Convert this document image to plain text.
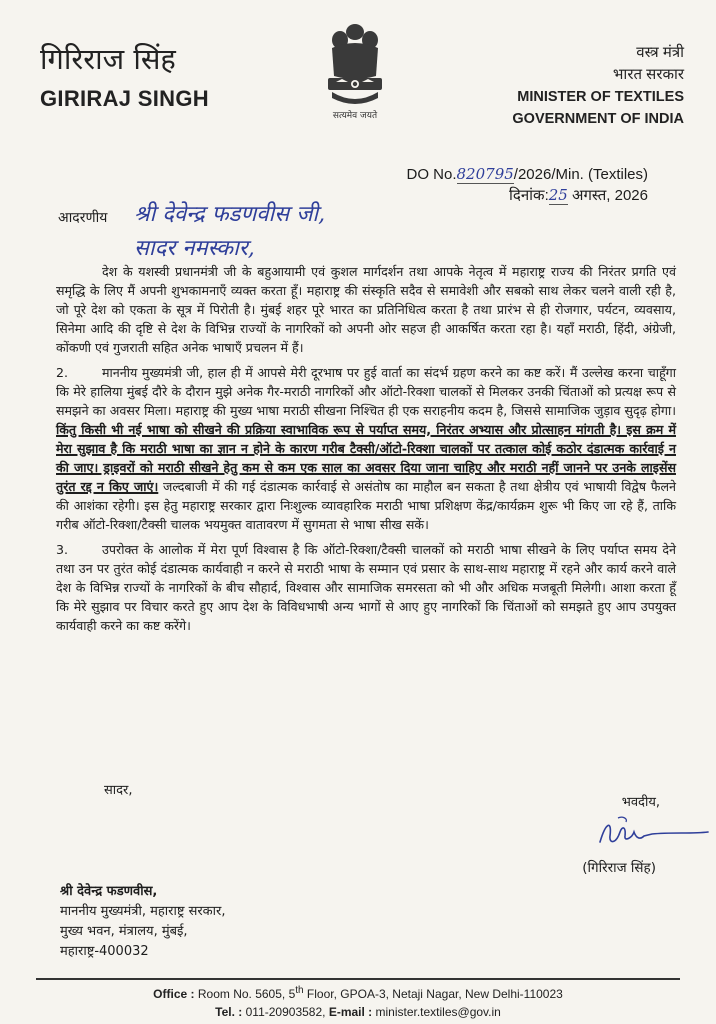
गिरिराज सिंह
GIRIRAJ SINGH
सत्यमेव जयते
वस्त्र मंत्री
भारत सरकार
MINISTER OF TEXTILES
GOVERNMENT OF INDIA
DO No.820795/2026/Min. (Textiles)
दिनांक:25 अगस्त, 2026
आदरणीय श्री देवेन्द्र फडणवीस जी,
सादर नमस्कार,

देश के यशस्वी प्रधानमंत्री जी के बहुआयामी एवं कुशल मार्गदर्शन तथा आपके नेतृत्व में महाराष्ट्र राज्य की निरंतर प्रगति एवं समृद्धि के लिए मैं अपनी शुभकामनाएँ व्यक्त करता हूँ। महाराष्ट्र की संस्कृति सदैव से समावेशी और सबको साथ लेकर चलने वाली रही है, जो पूरे देश को एकता के सूत्र में पिरोती है। मुंबई शहर पूरे भारत का प्रतिनिधित्व करता है तथा प्रारंभ से ही रोजगार, पर्यटन, व्यवसाय, सिनेमा आदि की दृष्टि से देश के विभिन्न राज्यों के नागरिकों को अपनी ओर सहज ही आकर्षित करता रहा है। यहाँ मराठी, हिंदी, अंग्रेजी, कोंकणी एवं गुजराती सहित अनेक भाषाएँ प्रचलन में हैं।

2.	माननीय मुख्यमंत्री जी, हाल ही में आपसे मेरी दूरभाष पर हुई वार्ता का संदर्भ ग्रहण करने का कष्ट करें। मैं उल्लेख करना चाहूँगा कि मेरे हालिया मुंबई दौरे के दौरान मुझे अनेक गैर-मराठी नागरिकों और ऑटो-रिक्शा चालकों से मिलकर उनकी चिंताओं को प्रत्यक्ष रूप से समझने का अवसर मिला। महाराष्ट्र की मुख्य भाषा मराठी सीखना निश्चित ही एक सराहनीय कदम है, जिससे सामाजिक जुड़ाव सुदृढ़ होगा। किंतु किसी भी नई भाषा को सीखने की प्रक्रिया स्वाभाविक रूप से पर्याप्त समय, निरंतर अभ्यास और प्रोत्साहन मांगती है। इस क्रम में मेरा सुझाव है कि मराठी भाषा का ज्ञान न होने के कारण गरीब टैक्सी/ऑटो-रिक्शा चालकों पर तत्काल कोई कठोर दंडात्मक कार्रवाई न की जाए। ड्राइवरों को मराठी सीखने हेतु कम से कम एक साल का अवसर दिया जाना चाहिए और मराठी नहीं जानने पर उनके लाइसेंस तुरंत रद्द न किए जाएं। जल्दबाजी में की गई दंडात्मक कार्रवाई से असंतोष का माहौल बन सकता है तथा क्षेत्रीय एवं भाषायी विद्वेष फैलने की आशंका रहेगी। इस हेतु महाराष्ट्र सरकार द्वारा निःशुल्क व्यावहारिक मराठी भाषा प्रशिक्षण केंद्र/कार्यक्रम शुरू भी किए जा रहे हैं, ताकि गरीब ऑटो-रिक्शा/टैक्सी चालक भयमुक्त वातावरण में सुगमता से भाषा सीख सकें।

3.	उपरोक्त के आलोक में मेरा पूर्ण विश्वास है कि ऑटो-रिक्शा/टैक्सी चालकों को मराठी भाषा सीखने के लिए पर्याप्त समय देने तथा उन पर तुरंत कोई दंडात्मक कार्यवाही न करने से मराठी भाषा के सम्मान एवं प्रसार के साथ-साथ महाराष्ट्र में रहने और कार्य करने वाले देश के विभिन्न राज्यों के नागरिकों के बीच सौहार्द, विश्वास और सामाजिक समरसता को भी और अधिक मजबूती मिलेगी। आशा करता हूँ कि मेरे सुझाव पर विचार करते हुए आप देश के विविधभाषी अन्य भागों से आए हुए नागरिकों कि चिंताओं को समझते हुए आप उपयुक्त कार्यवाही करने का कष्ट करेंगे।

सादर,
भवदीय,
(गिरिराज सिंह)
श्री देवेन्द्र फडणवीस,
माननीय मुख्यमंत्री, महाराष्ट्र सरकार,
मुख्य भवन, मंत्रालय, मुंबई,
महाराष्ट्र-400032
Office : Room No. 5605, 5th Floor, GPOA-3, Netaji Nagar, New Delhi-110023
Tel. : 011-20903582, E-mail : minister.textiles@gov.in
